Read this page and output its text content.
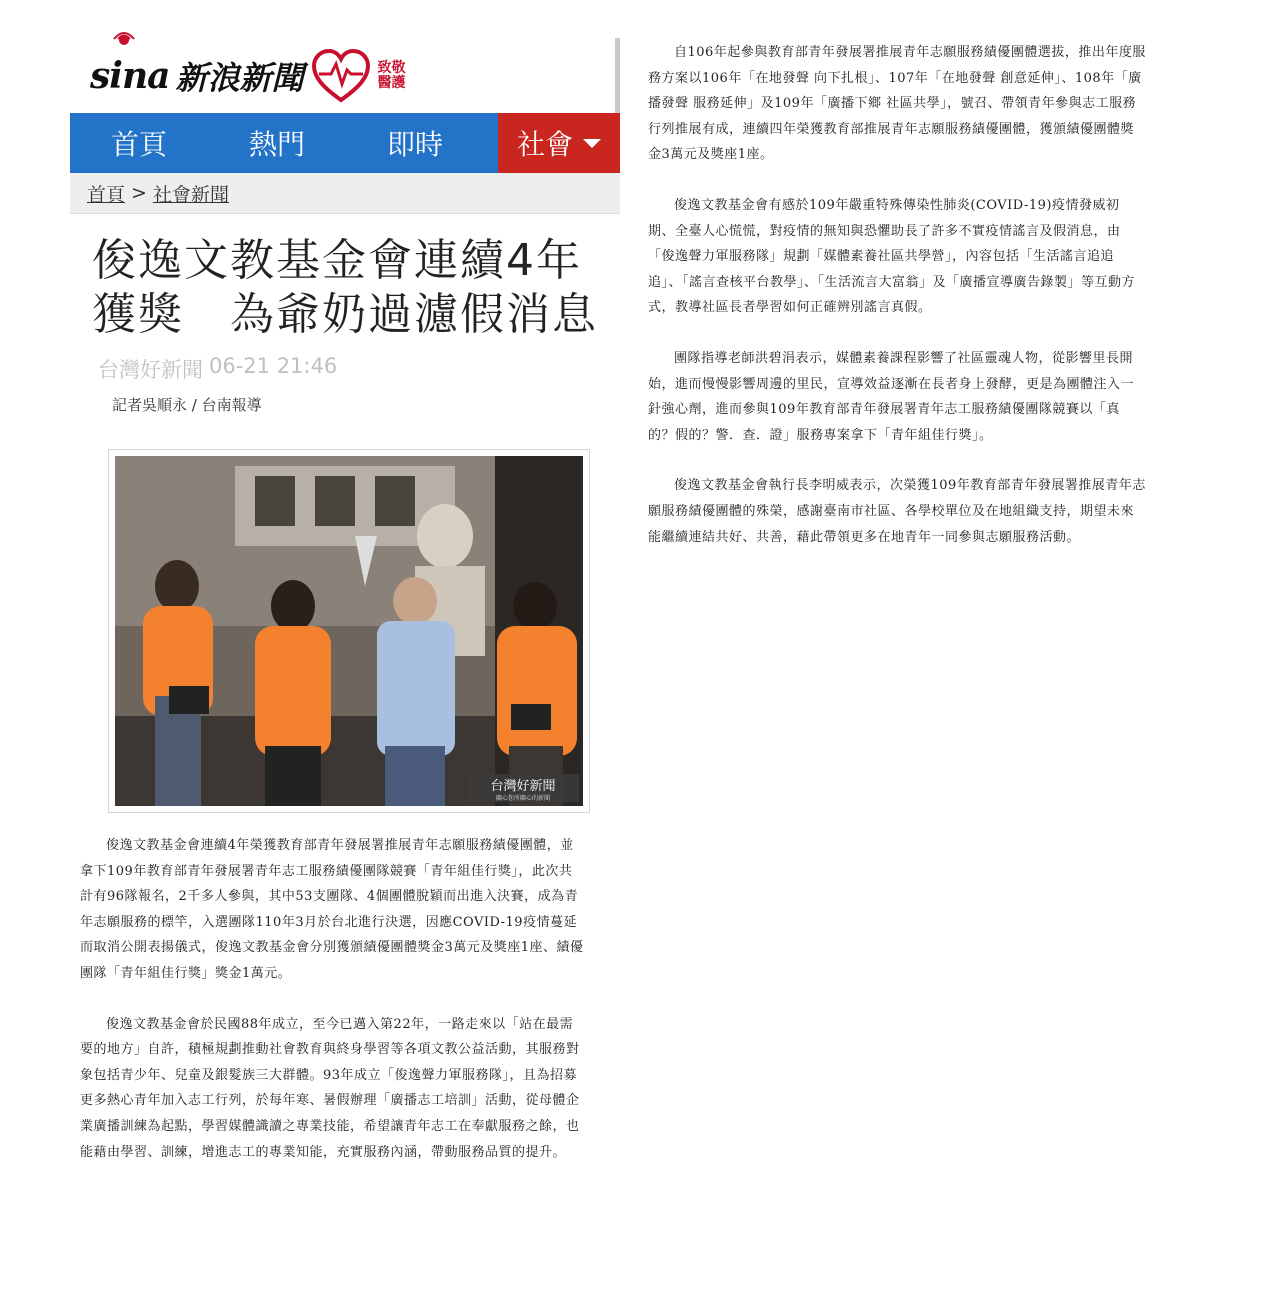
sina 新浪新聞	致敬醫護
首頁	熱門	即時	社會
首頁 > 社會新聞
俊逸文教基金會連續4年獲獎　為爺奶過濾假消息
台灣好新聞 06-21 21:46
記者吳順永 / 台南報導
台灣好新聞
關心您所關心的新聞

俊逸文教基金會連續4年榮獲教育部青年發展署推展青年志願服務績優團體，並拿下109年教育部青年發展署青年志工服務績優團隊競賽「青年組佳行獎」，此次共計有96隊報名，2千多人參與，其中53支團隊、4個團體脫穎而出進入決賽，成為青年志願服務的標竿，入選團隊110年3月於台北進行決選，因應COVID-19疫情蔓延而取消公開表揚儀式，俊逸文教基金會分別獲頒績優團體獎金3萬元及獎座1座、績優團隊「青年組佳行獎」獎金1萬元。

俊逸文教基金會於民國88年成立，至今已邁入第22年，一路走來以「站在最需要的地方」自許，積極規劃推動社會教育與終身學習等各項文教公益活動，其服務對象包括青少年、兒童及銀髮族三大群體。93年成立「俊逸聲力軍服務隊」，且為招募更多熱心青年加入志工行列，於每年寒、暑假辦理「廣播志工培訓」活動，從母體企業廣播訓練為起點，學習媒體識讀之專業技能，希望讓青年志工在奉獻服務之餘，也能藉由學習、訓練，增進志工的專業知能，充實服務內涵，帶動服務品質的提升。

自106年起參與教育部青年發展署推展青年志願服務績優團體選拔，推出年度服務方案以106年「在地發聲 向下扎根」、107年「在地發聲 創意延伸」、108年「廣播發聲 服務延伸」及109年「廣播下鄉 社區共學」，號召、帶領青年參與志工服務行列推展有成，連續四年榮獲教育部推展青年志願服務績優團體，獲頒績優團體獎金3萬元及獎座1座。

俊逸文教基金會有感於109年嚴重特殊傳染性肺炎(COVID-19)疫情發威初期、全臺人心慌慌，對疫情的無知與恐懼助長了許多不實疫情謠言及假消息，由「俊逸聲力軍服務隊」規劃「媒體素養社區共學營」，內容包括「生活謠言追追追」、「謠言查核平台教學」、「生活流言大富翁」及「廣播宣導廣告錄製」等互動方式，教導社區長者學習如何正確辨別謠言真假。

團隊指導老師洪碧涓表示，媒體素養課程影響了社區靈魂人物，從影響里長開始，進而慢慢影響周邊的里民，宣導效益逐漸在長者身上發酵，更是為團體注入一針強心劑，進而參與109年教育部青年發展署青年志工服務績優團隊競賽以「真的？假的？警．查．證」服務專案拿下「青年組佳行獎」。

俊逸文教基金會執行長李明威表示，次榮獲109年教育部青年發展署推展青年志願服務績優團體的殊榮，感謝臺南市社區、各學校單位及在地組織支持，期望未來能繼續連結共好、共善，藉此帶領更多在地青年一同參與志願服務活動。
